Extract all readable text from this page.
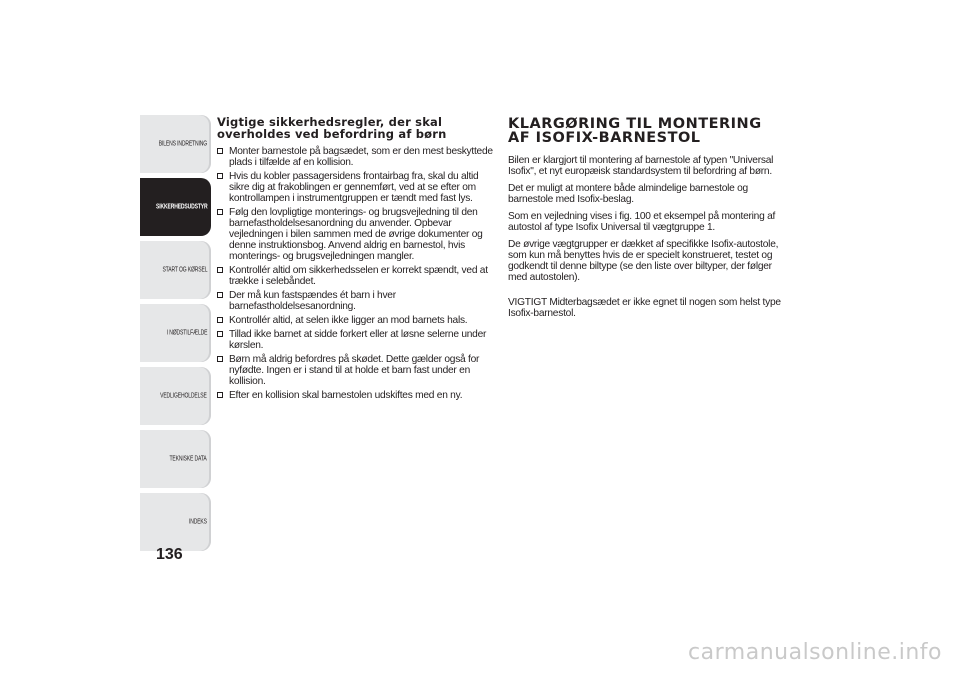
BILENS INDRETNING
SIKKERHEDSUDSTYR
START OG KØRSEL
I NØDSTILFÆLDE
VEDLIGEHOLDELSE
TEKNISKE DATA
INDEKS
136
Vigtige sikkerhedsregler, der skal
overholdes ved befordring af børn
Monter barnestole på bagsædet, som er den mest beskyttede plads i tilfælde af en kollision.
Hvis du kobler passagersidens frontairbag fra, skal du altid sikre dig at frakoblingen er gennemført, ved at se efter om kontrollampen i instrumentgruppen er tændt med fast lys.
Følg den lovpligtige monterings- og brugsvejledning til den barnefastholdelsesanordning du anvender. Opbevar vejledningen i bilen sammen med de øvrige dokumenter og denne instruktionsbog. Anvend aldrig en barnestol, hvis monterings- og brugsvejledningen mangler.
Kontrollér altid om sikkerhedsselen er korrekt spændt, ved at trække i selebåndet.
Der må kun fastspændes ét barn i hver barnefastholdelsesanordning.
Kontrollér altid, at selen ikke ligger an mod barnets hals.
Tillad ikke barnet at sidde forkert eller at løsne selerne under kørslen.
Børn må aldrig befordres på skødet. Dette gælder også for nyfødte. Ingen er i stand til at holde et barn fast under en kollision.
Efter en kollision skal barnestolen udskiftes med en ny.
KLARGØRING TIL MONTERING
AF ISOFIX-BARNESTOL

Bilen er klargjort til montering af barnestole af typen "Universal Isofix", et nyt europæisk standardsystem til befordring af børn.

Det er muligt at montere både almindelige barnestole og barnestole med Isofix-beslag.

Som en vejledning vises i fig. 100 et eksempel på montering af autostol af type Isofix Universal til vægtgruppe 1.

De øvrige vægtgrupper er dækket af specifikke Isofix-autostole, som kun må benyttes hvis de er specielt konstrueret, testet og godkendt til denne biltype (se den liste over biltyper, der følger med autostolen).

VIGTIGT Midterbagsædet er ikke egnet til nogen som helst type Isofix-barnestol.

carmanualsonline.info
